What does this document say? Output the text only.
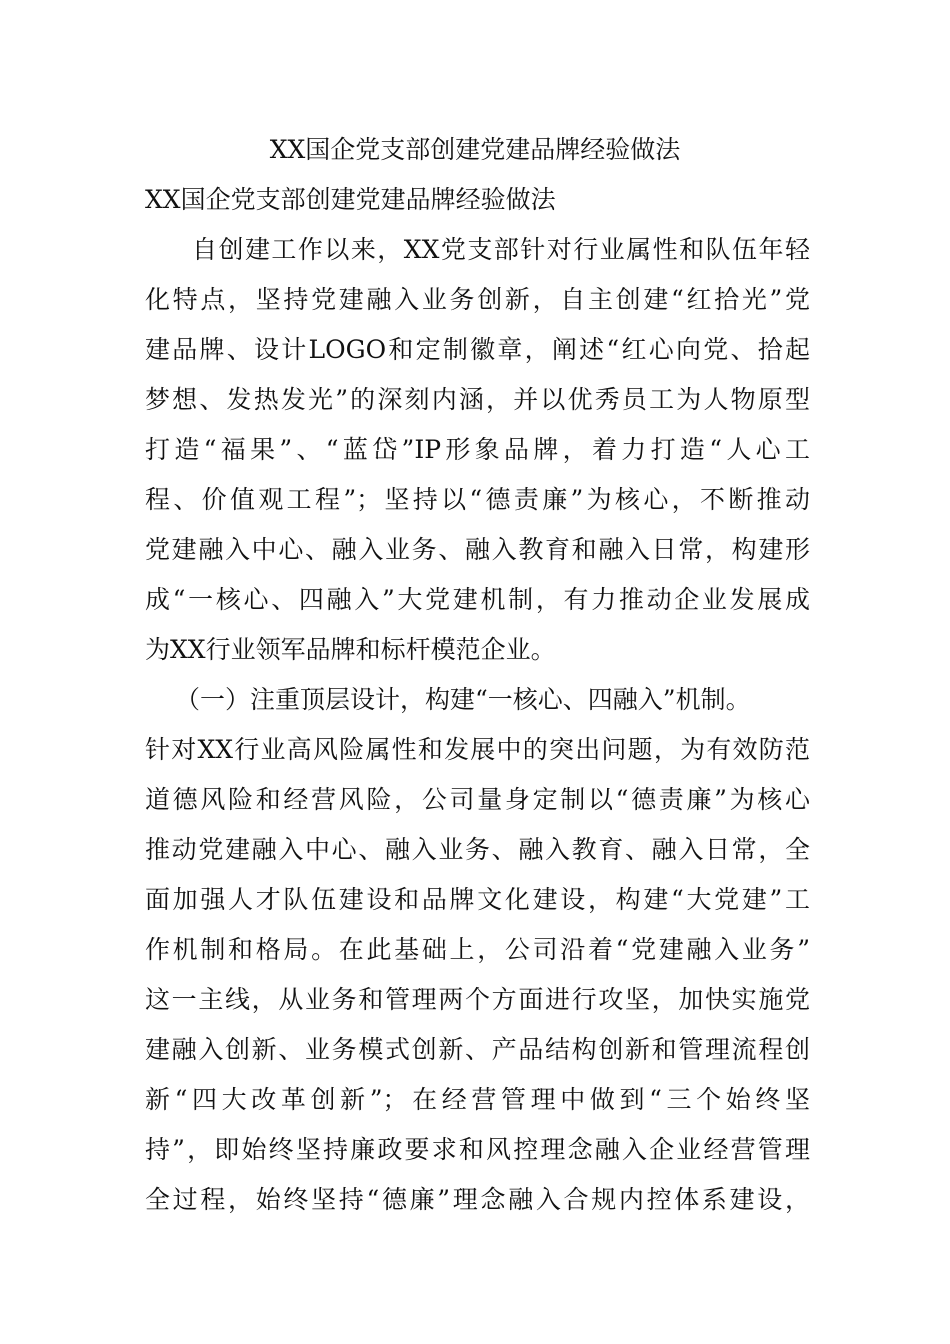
XX国企党支部创建党建品牌经验做法
XX国企党支部创建党建品牌经验做法
自创建工作以来，XX党支部针对行业属性和队伍年轻
化特点，坚持党建融入业务创新，自主创建“红拾光”党
建品牌、设计LOGO和定制徽章，阐述“红心向党、拾起
梦想、发热发光”的深刻内涵，并以优秀员工为人物原型
打造“福果”、“蓝岱”IP形象品牌，着力打造“人心工
程、价值观工程”；坚持以“德责廉”为核心，不断推动
党建融入中心、融入业务、融入教育和融入日常，构建形
成“一核心、四融入”大党建机制，有力推动企业发展成
为XX行业领军品牌和标杆模范企业。
（一）注重顶层设计，构建“一核心、四融入”机制。
针对XX行业高风险属性和发展中的突出问题，为有效防范
道德风险和经营风险，公司量身定制以“德责廉”为核心
推动党建融入中心、融入业务、融入教育、融入日常，全
面加强人才队伍建设和品牌文化建设，构建“大党建”工
作机制和格局。在此基础上，公司沿着“党建融入业务”
这一主线，从业务和管理两个方面进行攻坚，加快实施党
建融入创新、业务模式创新、产品结构创新和管理流程创
新“四大改革创新”；在经营管理中做到“三个始终坚
持”，即始终坚持廉政要求和风控理念融入企业经营管理
全过程，始终坚持“德廉”理念融入合规内控体系建设，
